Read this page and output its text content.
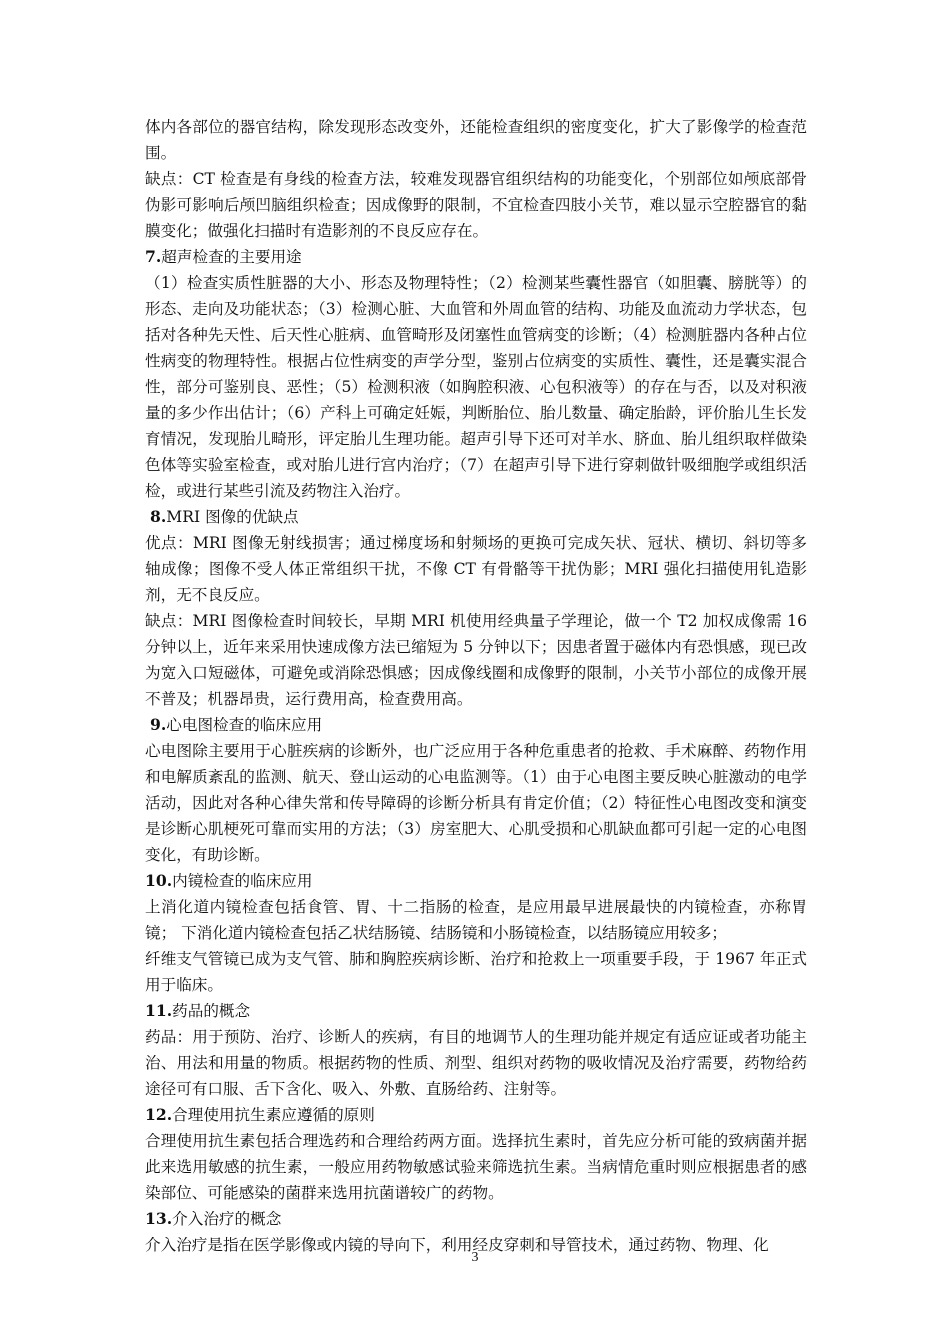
体内各部位的器官结构，除发现形态改变外，还能检查组织的密度变化，扩大了影像学的检查范围。

缺点：CT 检查是有身线的检查方法，较难发现器官组织结构的功能变化，个别部位如颅底部骨伪影可影响后颅凹脑组织检查；因成像野的限制，不宜检查四肢小关节，难以显示空腔器官的黏膜变化；做强化扫描时有造影剂的不良反应存在。

7.超声检查的主要用途

（1）检查实质性脏器的大小、形态及物理特性；（2）检测某些囊性器官（如胆囊、膀胱等）的形态、走向及功能状态；（3）检测心脏、大血管和外周血管的结构、功能及血流动力学状态，包括对各种先天性、后天性心脏病、血管畸形及闭塞性血管病变的诊断；（4）检测脏器内各种占位性病变的物理特性。根据占位性病变的声学分型，鉴别占位病变的实质性、囊性，还是囊实混合性，部分可鉴别良、恶性；（5）检测积液（如胸腔积液、心包积液等）的存在与否，以及对积液量的多少作出估计；（6）产科上可确定妊娠，判断胎位、胎儿数量、确定胎龄，评价胎儿生长发育情况，发现胎儿畸形，评定胎儿生理功能。超声引导下还可对羊水、脐血、胎儿组织取样做染色体等实验室检查，或对胎儿进行宫内治疗；（7）在超声引导下进行穿刺做针吸细胞学或组织活检，或进行某些引流及药物注入治疗。

8.MRI 图像的优缺点

优点：MRI 图像无射线损害；通过梯度场和射频场的更换可完成矢状、冠状、横切、斜切等多轴成像；图像不受人体正常组织干扰，不像 CT 有骨骼等干扰伪影；MRI 强化扫描使用钆造影剂，无不良反应。

缺点：MRI 图像检查时间较长，早期 MRI 机使用经典量子学理论，做一个 T2 加权成像需 16 分钟以上，近年来采用快速成像方法已缩短为 5 分钟以下；因患者置于磁体内有恐惧感，现已改为宽入口短磁体，可避免或消除恐惧感；因成像线圈和成像野的限制，小关节小部位的成像开展不普及；机器昂贵，运行费用高，检查费用高。

9.心电图检查的临床应用

心电图除主要用于心脏疾病的诊断外，也广泛应用于各种危重患者的抢救、手术麻醉、药物作用和电解质紊乱的监测、航天、登山运动的心电监测等。（1）由于心电图主要反映心脏激动的电学活动，因此对各种心律失常和传导障碍的诊断分析具有肯定价值；（2）特征性心电图改变和演变是诊断心肌梗死可靠而实用的方法；（3）房室肥大、心肌受损和心肌缺血都可引起一定的心电图变化，有助诊断。

10.内镜检查的临床应用

上消化道内镜检查包括食管、胃、十二指肠的检查，是应用最早进展最快的内镜检查，亦称胃镜； 下消化道内镜检查包括乙状结肠镜、结肠镜和小肠镜检查，以结肠镜应用较多；

纤维支气管镜已成为支气管、肺和胸腔疾病诊断、治疗和抢救上一项重要手段，于 1967 年正式用于临床。

11.药品的概念

药品：用于预防、治疗、诊断人的疾病，有目的地调节人的生理功能并规定有适应证或者功能主治、用法和用量的物质。根据药物的性质、剂型、组织对药物的吸收情况及治疗需要，药物给药途径可有口服、舌下含化、吸入、外敷、直肠给药、注射等。

12.合理使用抗生素应遵循的原则

合理使用抗生素包括合理选药和合理给药两方面。选择抗生素时，首先应分析可能的致病菌并据此来选用敏感的抗生素，一般应用药物敏感试验来筛选抗生素。当病情危重时则应根据患者的感染部位、可能感染的菌群来选用抗菌谱较广的药物。

13.介入治疗的概念

介入治疗是指在医学影像或内镜的导向下，利用经皮穿刺和导管技术，通过药物、物理、化

3
